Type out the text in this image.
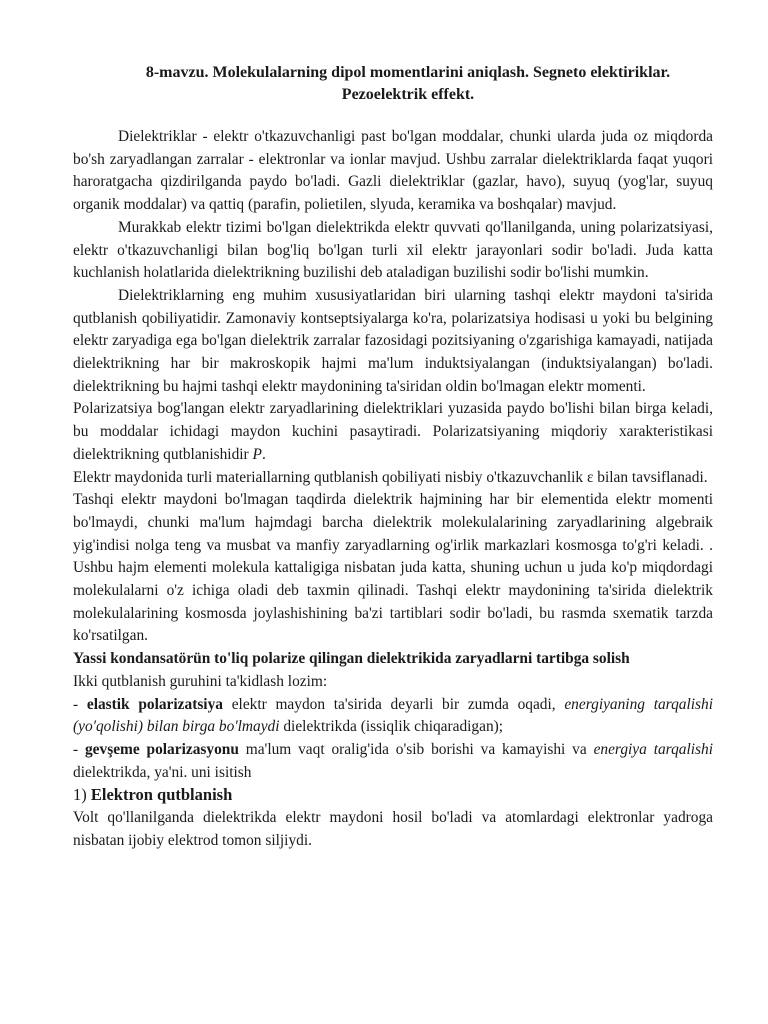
8-mavzu. Molekulalarning dipol momentlarini aniqlash. Segneto elektiriklar.
Pezoelektrik effekt.

Dielektriklar - elektr o'tkazuvchanligi past bo'lgan moddalar, chunki ularda juda oz miqdorda bo'sh zaryadlangan zarralar - elektronlar va ionlar mavjud. Ushbu zarralar dielektriklarda faqat yuqori haroratgacha qizdirilganda paydo bo'ladi. Gazli dielektriklar (gazlar, havo), suyuq (yog'lar, suyuq organik moddalar) va qattiq (parafin, polietilen, slyuda, keramika va boshqalar) mavjud.

Murakkab elektr tizimi bo'lgan dielektrikda elektr quvvati qo'llanilganda, uning polarizatsiyasi, elektr o'tkazuvchanligi bilan bog'liq bo'lgan turli xil elektr jarayonlari sodir bo'ladi. Juda katta kuchlanish holatlarida dielektrikning buzilishi deb ataladigan buzilishi sodir bo'lishi mumkin.

Dielektriklarning eng muhim xususiyatlaridan biri ularning tashqi elektr maydoni ta'sirida qutblanish qobiliyatidir. Zamonaviy kontseptsiyalarga ko'ra, polarizatsiya hodisasi u yoki bu belgining elektr zaryadiga ega bo'lgan dielektrik zarralar fazosidagi pozitsiyaning o'zgarishiga kamayadi, natijada dielektrikning har bir makroskopik hajmi ma'lum induktsiyalangan (induktsiyalangan) bo'ladi. dielektrikning bu hajmi tashqi elektr maydonining ta'siridan oldin bo'lmagan elektr momenti.

Polarizatsiya bog'langan elektr zaryadlarining dielektriklari yuzasida paydo bo'lishi bilan birga keladi, bu moddalar ichidagi maydon kuchini pasaytiradi. Polarizatsiyaning miqdoriy xarakteristikasi dielektrikning qutblanishidir P.

Elektr maydonida turli materiallarning qutblanish qobiliyati nisbiy o'tkazuvchanlik ε bilan tavsiflanadi.

Tashqi elektr maydoni bo'lmagan taqdirda dielektrik hajmining har bir elementida elektr momenti bo'lmaydi, chunki ma'lum hajmdagi barcha dielektrik molekulalarining zaryadlarining algebraik yig'indisi nolga teng va musbat va manfiy zaryadlarning og'irlik markazlari kosmosga to'g'ri keladi. . Ushbu hajm elementi molekula kattaligiga nisbatan juda katta, shuning uchun u juda ko'p miqdordagi molekulalarni o'z ichiga oladi deb taxmin qilinadi. Tashqi elektr maydonining ta'sirida dielektrik molekulalarining kosmosda joylashishining ba'zi tartiblari sodir bo'ladi, bu rasmda sxematik tarzda ko'rsatilgan.

Yassi kondansatörün to'liq polarize qilingan dielektrikida zaryadlarni tartibga solish

Ikki qutblanish guruhini ta'kidlash lozim:

- elastik polarizatsiya elektr maydon ta'sirida deyarli bir zumda oqadi, energiyaning tarqalishi (yo'qolishi) bilan birga bo'lmaydi dielektrikda (issiqlik chiqaradigan);

- gevşeme polarizasyonu ma'lum vaqt oralig'ida o'sib borishi va kamayishi va energiya tarqalishi dielektrikda, ya'ni. uni isitish

1) Elektron qutblanish

Volt qo'llanilganda dielektrikda elektr maydoni hosil bo'ladi va atomlardagi elektronlar yadroga nisbatan ijobiy elektrod tomon siljiydi.
